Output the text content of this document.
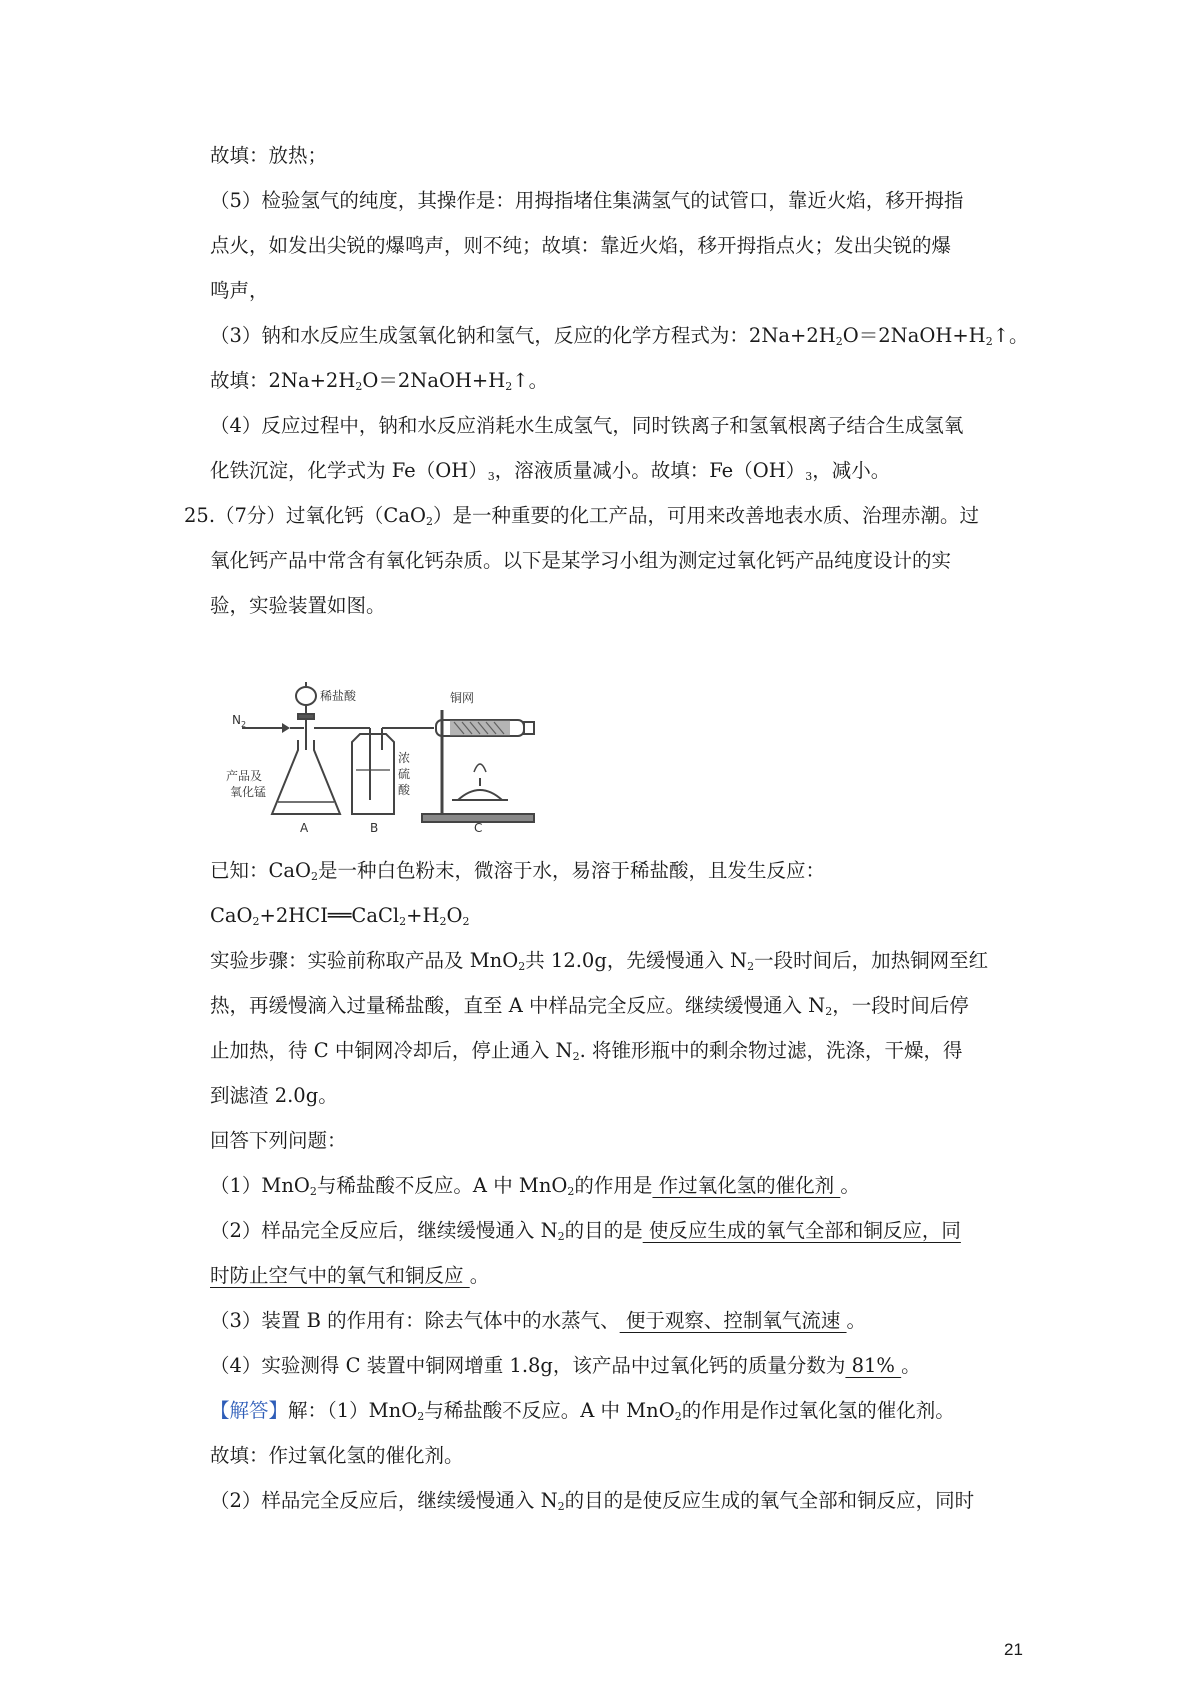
故填：放热；
（5）检验氢气的纯度，其操作是：用拇指堵住集满氢气的试管口，靠近火焰，移开拇指
点火，如发出尖锐的爆鸣声，则不纯；故填：靠近火焰，移开拇指点火；发出尖锐的爆
鸣声，
（3）钠和水反应生成氢氧化钠和氢气，反应的化学方程式为：$2Na+2H_2O=2NaOH+H_2↑$。
故填：$2Na+2H_2O=2NaOH+H_2↑$。
（4）反应过程中，钠和水反应消耗水生成氢气，同时铁离子和氢氧根离子结合生成氢氧
化铁沉淀，化学式为 $Fe(OH)_3$，溶液质量减小。故填：$Fe(OH)_3$，减小。
25.（7分）过氧化钙（CaO$_2$）是一种重要的化工产品，可用来改善地表水质、治理赤潮。过
氧化钙产品中常含有氧化钙杂质。以下是某学习小组为测定过氧化钙产品纯度设计的实
验，实验装置如图。
N 2
稀盐酸	铜网
产品及
氧化锰
浓
硫
酸
A	B	C
已知：CaO$_2$是一种白色粉末，微溶于水，易溶于稀盐酸，且发生反应：
$CaO_2+2HCI══CaCl_2+H_2O_2$
实验步骤：实验前称取产品及 MnO$_2$共 12.0g，先缓慢通入 $N_2$一段时间后，加热铜网至红
热，再缓慢滴入过量稀盐酸，直至 A 中样品完全反应。继续缓慢通入 $N_2$，一段时间后停
止加热，待 C 中铜网冷却后，停止通入 $N_2$. 将锥形瓶中的剩余物过滤，洗涤，干燥，得
到滤渣 2.0g。
回答下列问题：
（1）MnO$_2$与稀盐酸不反应。A 中 MnO$_2$的作用是 作过氧化氢的催化剂 。
（2）样品完全反应后，继续缓慢通入 $N_2$的目的是 使反应生成的氧气全部和铜反应，同
时防止空气中的氧气和铜反应 。
（3）装置 B 的作用有：除去气体中的水蒸气、 便于观察、控制氧气流速 。
（4）实验测得 C 装置中铜网增重 1.8g，该产品中过氧化钙的质量分数为 81% 。
【解答】解：（1）MnO$_2$与稀盐酸不反应。A 中 MnO$_2$的作用是作过氧化氢的催化剂。
故填：作过氧化氢的催化剂。
（2）样品完全反应后，继续缓慢通入 $N_2$的目的是使反应生成的氧气全部和铜反应，同时
21
